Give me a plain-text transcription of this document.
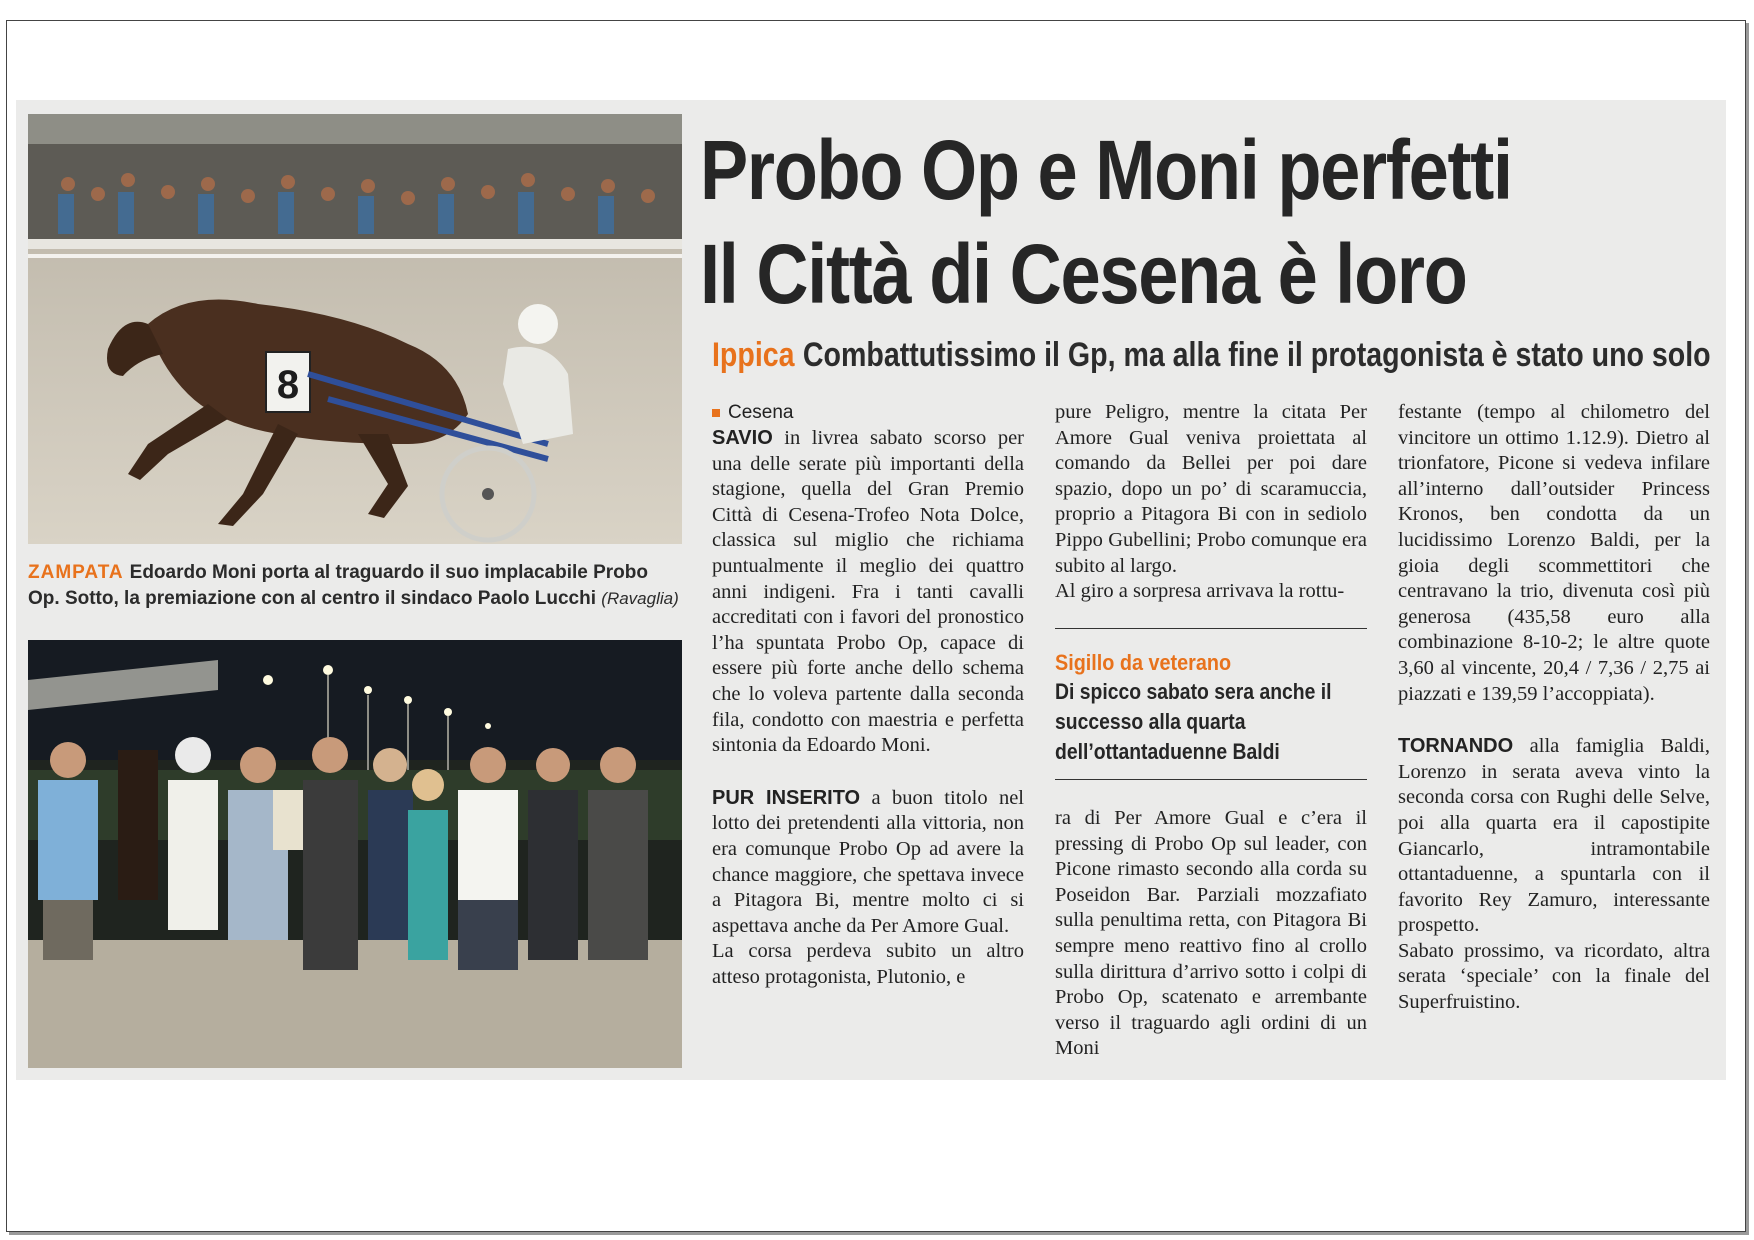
8
ZAMPATA Edoardo Moni porta al traguardo il suo implacabile Probo Op. Sotto, la premiazione con al centro il sindaco Paolo Lucchi (Ravaglia)
Probo Op e Moni perfetti
Il Città di Cesena è loro
Ippica Combattutissimo il Gp, ma alla fine il protagonista è stato uno solo
Cesena

SAVIO in livrea sabato scorso per una delle serate più importanti della stagione, quella del Gran Premio Città di Cesena-Trofeo Nota Dolce, classica sul miglio che richiama puntualmente il meglio dei quattro anni indigeni. Fra i tanti cavalli accreditati con i favori del pronostico l’ha spuntata Probo Op, capace di essere più forte anche dello schema che lo voleva partente dalla seconda fila, condotto con maestria e perfetta sintonia da Edoardo Moni.

PUR INSERITO a buon titolo nel lotto dei pretendenti alla vittoria, non era comunque Probo Op ad avere la chance maggiore, che spettava invece a Pitagora Bi, mentre molto ci si aspettava anche da Per Amore Gual.

La corsa perdeva subito un altro atteso protagonista, Plutonio, e

pure Peligro, mentre la citata Per Amore Gual veniva proiettata al comando da Bellei per poi dare spazio, dopo un po’ di scaramuccia, proprio a Pitagora Bi con in sediolo Pippo Gubellini; Probo comunque era subito al largo.

Al giro a sorpresa arrivava la rottu-

ra di Per Amore Gual e c’era il pressing di Probo Op sul leader, con Picone rimasto secondo alla corda su Poseidon Bar. Parziali mozzafiato sulla penultima retta, con Pitagora Bi sempre meno reattivo fino al crollo sulla dirittura d’arrivo sotto i colpi di Probo Op, scatenato e arrembante verso il traguardo agli ordini di un Moni

Sigillo da veterano
Di spicco sabato sera anche il successo alla quarta dell’ottantaduenne Baldi

festante (tempo al chilometro del vincitore un ottimo 1.12.9). Dietro al trionfatore, Picone si vedeva infilare all’interno dall’outsider Princess Kronos, ben condotta da un lucidissimo Lorenzo Baldi, per la gioia degli scommettitori che centravano la trio, divenuta così più generosa (435,58 euro alla combinazione 8-10-2; le altre quote 3,60 al vincente, 20,4 / 7,36 / 2,75 ai piazzati e 139,59 l’accoppiata).

TORNANDO alla famiglia Baldi, Lorenzo in serata aveva vinto la seconda corsa con Rughi delle Selve, poi alla quarta era il capostipite Giancarlo, intramontabile ottantaduenne, a spuntarla con il favorito Rey Zamuro, interessante prospetto.

Sabato prossimo, va ricordato, altra serata ‘speciale’ con la finale del Superfruistino.
